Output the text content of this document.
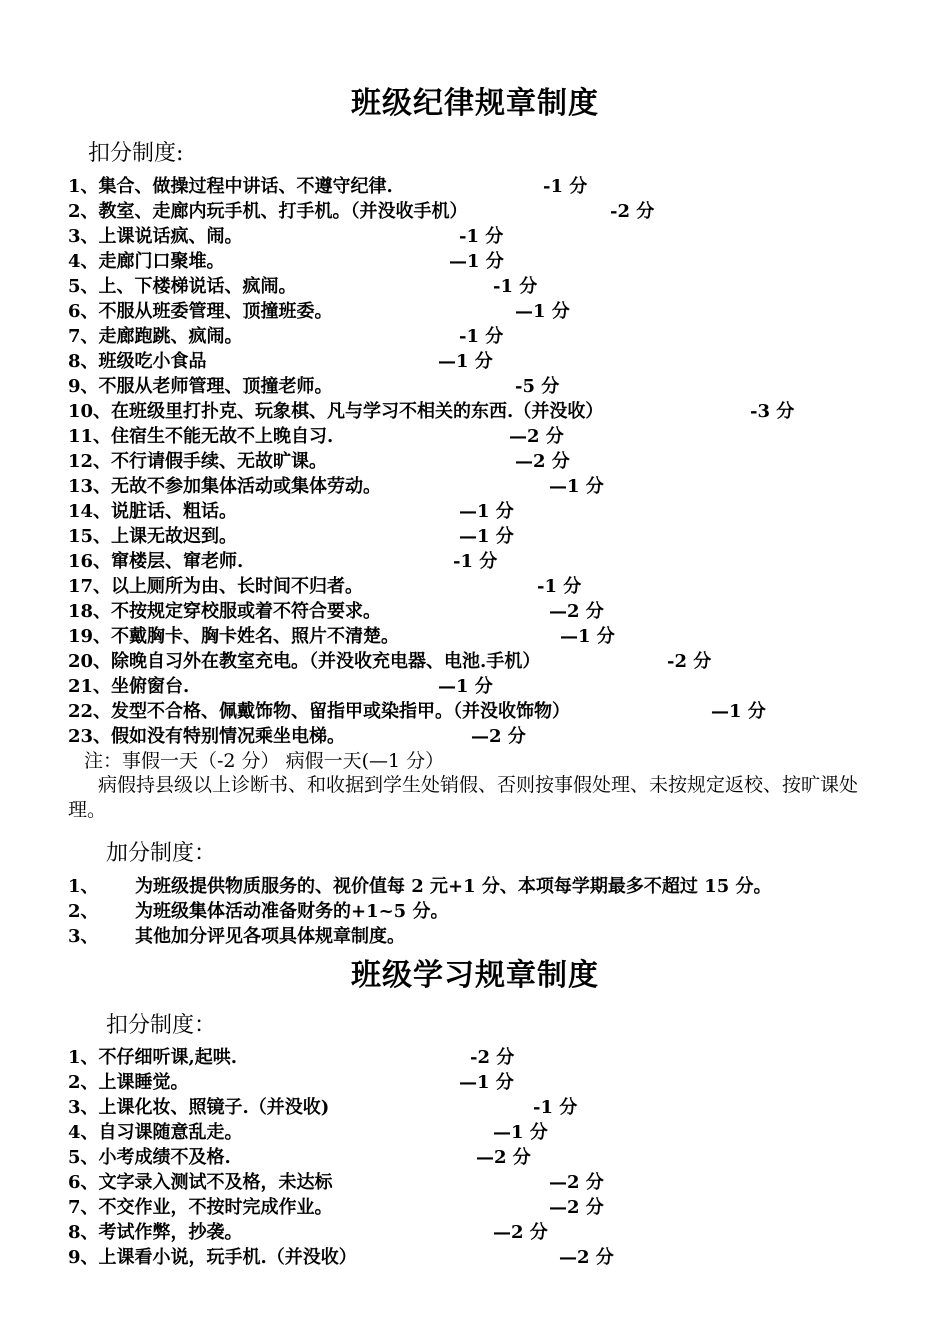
班级纪律规章制度
扣分制度:
1、集合、做操过程中讲话、不遵守纪律.	-1 分
2、教室、走廊内玩手机、打手机。（并没收手机）	-2 分
3、上课说话疯、闹。	-1 分
4、走廊门口聚堆。	—1 分
5、上、下楼梯说话、疯闹。	-1 分
6、不服从班委管理、顶撞班委。	—1 分
7、走廊跑跳、疯闹。	-1 分
8、班级吃小食品	—1 分
9、不服从老师管理、顶撞老师。	-5 分
10、在班级里打扑克、玩象棋、凡与学习不相关的东西.（并没收）	-3 分
11、住宿生不能无故不上晚自习.	—2 分
12、不行请假手续、无故旷课。	—2 分
13、无故不参加集体活动或集体劳动。	—1 分
14、说脏话、粗话。	—1 分
15、上课无故迟到。	—1 分
16、窜楼层、窜老师.	-1 分
17、以上厕所为由、长时间不归者。	-1 分
18、不按规定穿校服或着不符合要求。	—2 分
19、不戴胸卡、胸卡姓名、照片不清楚。	—1 分
20、除晚自习外在教室充电。（并没收充电器、电池.手机）	-2 分
21、坐俯窗台.	—1 分
22、发型不合格、佩戴饰物、留指甲或染指甲。（并没收饰物）	—1 分
23、假如没有特别情况乘坐电梯。	—2 分

注：事假一天（-2 分） 病假一天(—1 分）

病假持县级以上诊断书、和收据到学生处销假、否则按事假处理、未按规定返校、按旷课处理。

加分制度：
1、 为班级提供物质服务的、视价值每 2 元+1 分、本项每学期最多不超过 15 分。
2、 为班级集体活动准备财务的+1~5 分。
3、 其他加分评见各项具体规章制度。
班级学习规章制度
扣分制度：
1、不仔细听课,起哄.	-2 分
2、上课睡觉。	—1 分
3、上课化妆、照镜子.（并没收)	-1 分
4、自习课随意乱走。	—1 分
5、小考成绩不及格.	—2 分
6、文字录入测试不及格，未达标	—2 分
7、不交作业，不按时完成作业。	—2 分
8、考试作弊，抄袭。	—2 分
9、上课看小说，玩手机.（并没收）	—2 分
